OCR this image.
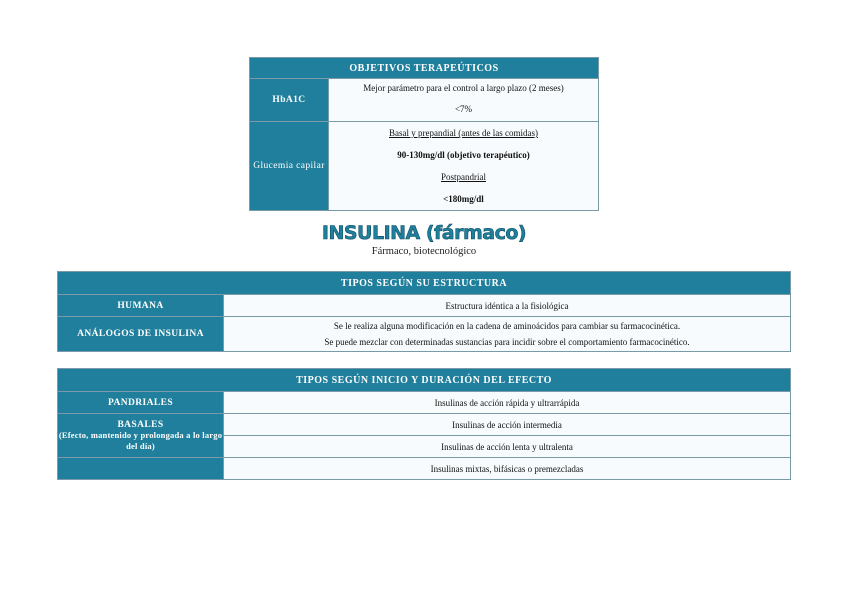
OBJETIVOS TERAPEÚTICOS	
HbA1C	Mejor parámetro para el control a largo plazo (2 meses)

<7%

Glucemia capilar	Basal y prepandial (antes de las comidas)

90-130mg/dl (objetivo terapéutico)

Postpandrial

<180mg/dl

INSULINA (fármaco)
Fármaco, biotecnológico
TIPOS SEGÚN SU ESTRUCTURA	
HUMANA	Estructura idéntica a la fisiológica
ANÁLOGOS DE INSULINA	Se le realiza alguna modificación en la cadena de aminoácidos para cambiar su farmacocinética.
Se puede mezclar con determinadas sustancias para incidir sobre el comportamiento farmacocinético.
TIPOS SEGÚN INICIO Y DURACIÓN DEL EFECTO	
PANDRIALES	Insulinas de acción rápida y ultrarrápida

BASALES
(Efecto, mantenido y prolongada a lo largo del día)	Insulinas de acción intermedia
	Insulinas de acción lenta y ultralenta
	Insulinas mixtas, bifásicas o premezcladas
